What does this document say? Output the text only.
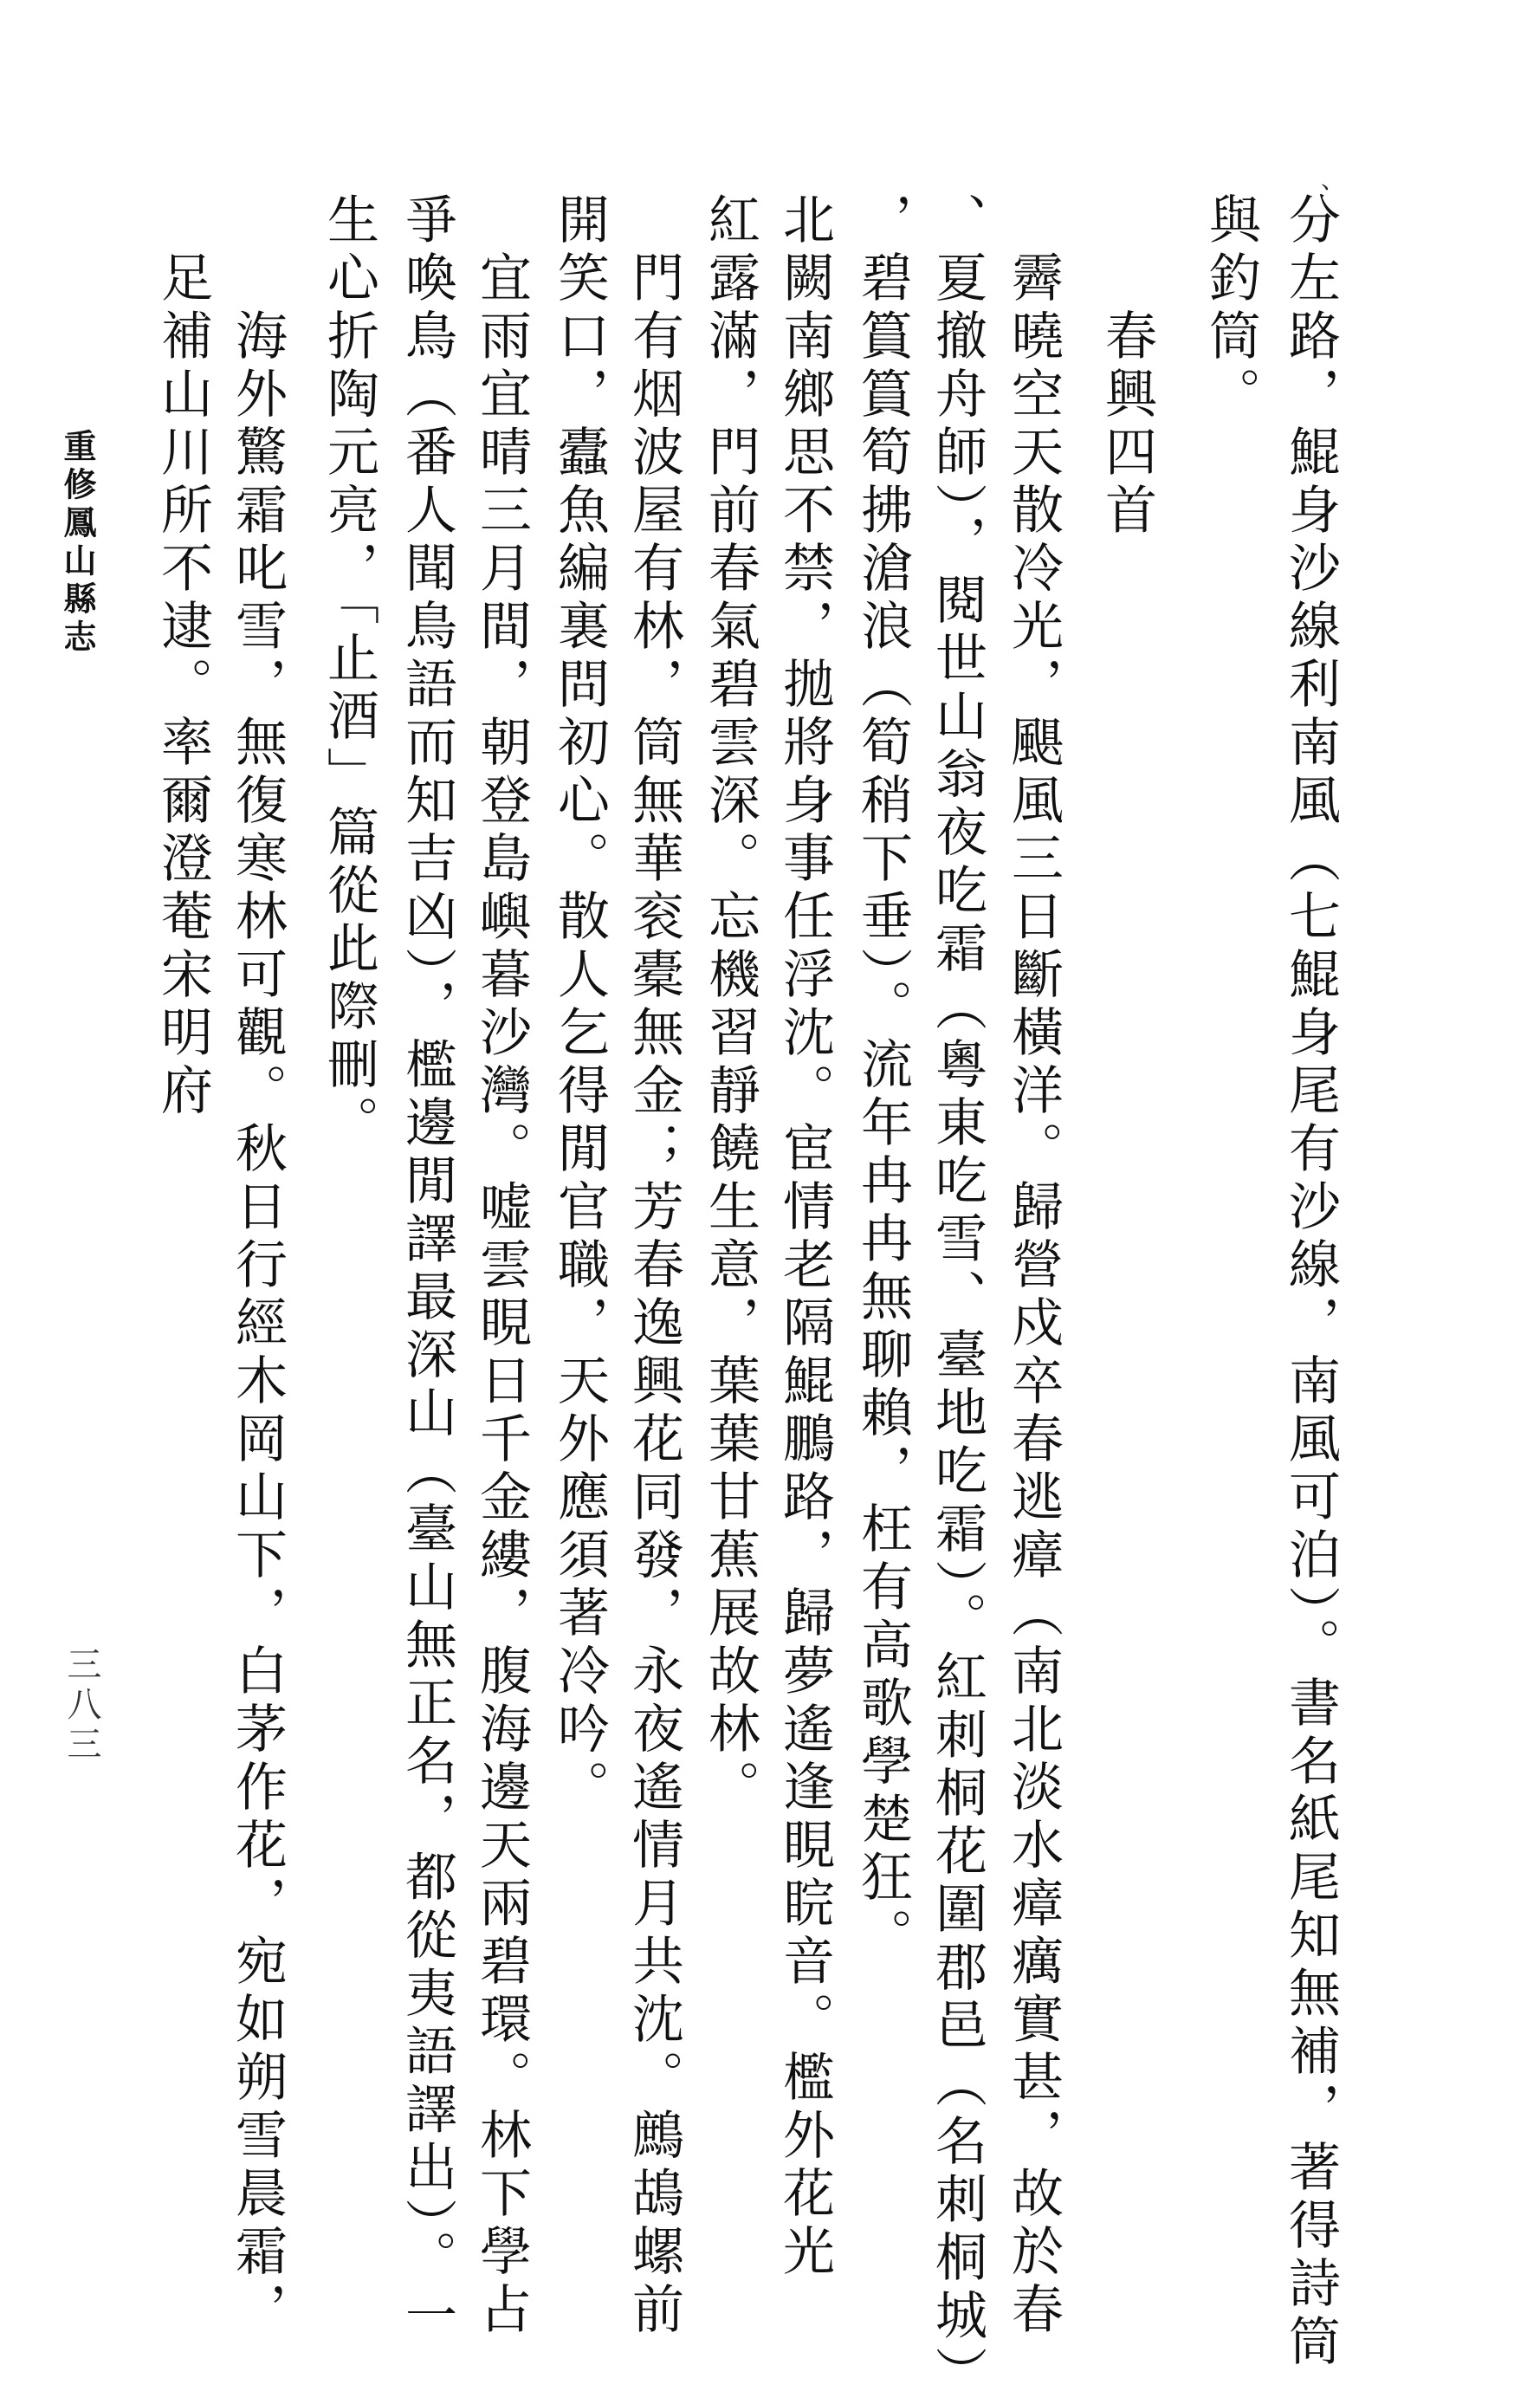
、
分左路，鯤身沙線利南風（七鯤身尾有沙線，南風可泊）。書名紙尾知無補，著得詩筒
與釣筒。
　　春興四首
　霽曉空天散冷光，颶風三日斷橫洋。歸營戍卒春逃瘴（南北淡水瘴癘實甚，故於春
、夏撤舟師），閱世山翁夜吃霜（粵東吃雪、臺地吃霜）。紅刺桐花圍郡邑（名刺桐城）
，碧篔篔筍拂滄浪（筍稍下垂）。流年冉冉無聊賴，枉有高歌學楚狂。
北闕南鄉思不禁，拋將身事任浮沈。宦情老隔鯤鵬路，歸夢遙逢睍睆音。檻外花光
紅露滿，門前春氣碧雲深。忘機習靜饒生意，葉葉甘蕉展故林。
　門有烟波屋有林，筒無華衮橐無金；芳春逸興花同發，永夜遙情月共沈。鷓鴣螺前
開笑口，蠹魚編裏問初心。散人乞得閒官職，天外應須著冷吟。
　宜雨宜晴三月間，朝登島嶼暮沙灣。嘘雲睍日千金縷，腹海邊天兩碧環。林下學占
爭喚鳥（番人聞鳥語而知吉凶），檻邊閒譯最深山（臺山無正名，都從夷語譯出）。一
生心折陶元亮，「止酒」篇從此際刪。
　　海外驚霜叱雪，無復寒林可觀。秋日行經木岡山下，白茅作花，宛如朔雪晨霜，
　足補山川所不逮。率爾澄菴宋明府
重修鳳山縣志
三八三
